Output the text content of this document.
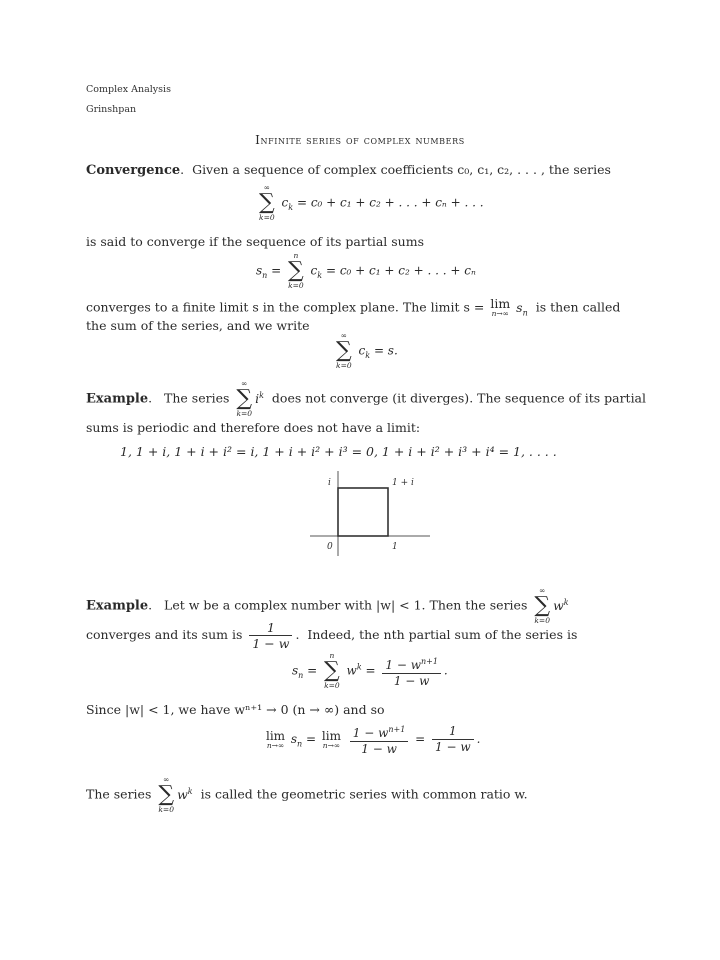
Complex Analysis
Grinshpan
Infinite series of complex numbers
Convergence.  Given a sequence of complex coefficients c₀, c₁, c₂, . . . , the series
∞
∑
k=0
$c_k = c_0 + c_1 + c_2$ + . . . + cₙ + . . .
is said to converge if the sequence of its partial sums
$s_n$ =
n
∑
k=0
$c_k = c_0 + c_1 + c_2$ + . . . + cₙ
converges to a finite limit s in the complex plane. The limit s = lim
n→∞ $s_n$ is then called
the sum of the series, and we write
∞
∑
k=0
$c_k = s$.
Example.   The series
∞
∑
k=0
$i^k$ does not converge (it diverges). The sequence of its partial
sums is periodic and therefore does not have a limit:
1, 1 + i, 1 + i + i² = i, 1 + i + i² + i³ = 0, 1 + i + i² + i³ + i⁴ = 1, . . . .
i	1 + i
0	1
Example.   Let w be a complex number with |w| < 1. Then the series
∞
∑
k=0
$w^k$
converges and its sum is $\frac{1}{1 - w}$ .  Indeed, the nth partial sum of the series is
$s_n$ =
n
∑
k=0
$w^k = \frac{1 - w^{n+1}}{1 - w}$ .
Since |w| < 1, we have wⁿ⁺¹ → 0 (n → ∞) and so
lim
n→∞ $s_n = \lim$
n→∞
$\frac{1 - w^{n+1}}{1 - w} = \frac{1}{1 - w}$ .
The series
∞
∑
k=0
$w^k$ is called the geometric series with common ratio w.
